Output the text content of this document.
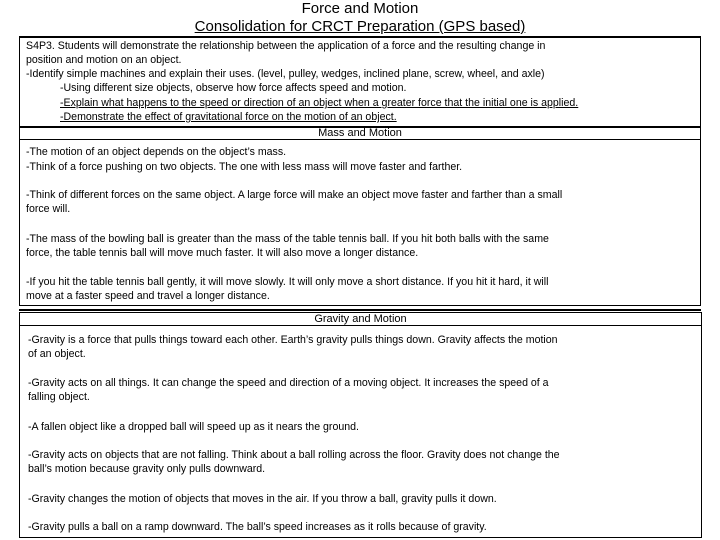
Force and Motion
Consolidation for CRCT Preparation (GPS based)
S4P3. Students will demonstrate the relationship between the application of a force and the resulting change in
position and motion on an object.
-Identify simple machines and explain their uses. (level, pulley, wedges, inclined plane, screw, wheel, and axle)
-Using different size objects, observe how force affects speed and motion.
-Explain what happens to the speed or direction of an object when a greater force that the initial one is applied.
-Demonstrate the effect of gravitational force on the motion of an object.
Mass and Motion
-The motion of an object depends on the object’s mass.
-Think of a force pushing on two objects. The one with less mass will move faster and farther.
-Think of different forces on the same object. A large force will make an object move faster and farther than a small
force will.
-The mass of the bowling ball is greater than the mass of the table tennis ball. If you hit both balls with the same
force, the table tennis ball will move much faster. It will also move a longer distance.
-If you hit the table tennis ball gently, it will move slowly. It will only move a short distance. If you hit it hard, it will
move at a faster speed and travel a longer distance.
Gravity and Motion
-Gravity is a force that pulls things toward each other. Earth’s gravity pulls things down. Gravity affects the motion
of an object.
-Gravity acts on all things. It can change the speed and direction of a moving object. It increases the speed of a
falling object.
-A fallen object like a dropped ball will speed up as it nears the ground.
-Gravity acts on objects that are not falling. Think about a ball rolling across the floor. Gravity does not change the
ball’s motion because gravity only pulls downward.
-Gravity changes the motion of objects that moves in the air. If you throw a ball, gravity pulls it down.
-Gravity pulls a ball on a ramp downward. The ball’s speed increases as it rolls because of gravity.
